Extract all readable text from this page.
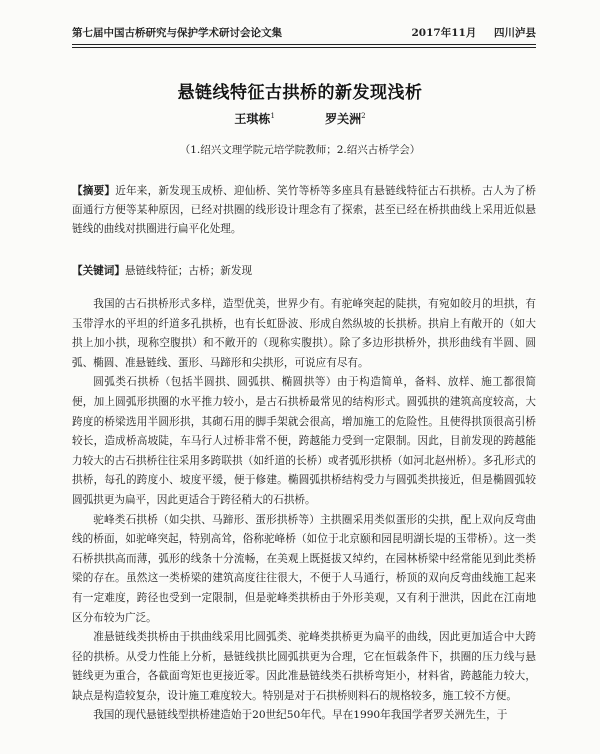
第七届中国古桥研究与保护学术研讨会论文集	2017年11月 四川泸县
悬链线特征古拱桥的新发现浅析
王琪栋$^1$	罗关洲$^2$
（1.绍兴文理学院元培学院教师；2.绍兴古桥学会）
【摘要】近年来，新发现玉成桥、迎仙桥、笑竹等桥等多座具有悬链线特征古石拱桥。古人为了桥面通行方便等某种原因，已经对拱圈的线形设计理念有了探索，甚至已经在桥拱曲线上采用近似悬链线的曲线对拱圈进行扁平化处理。
【关键词】悬链线特征；古桥；新发现

我国的古石拱桥形式多样，造型优美，世界少有。有驼峰突起的陡拱，有宛如皎月的坦拱，有玉带浮水的平坦的纤道多孔拱桥，也有长虹卧波、形成自然纵坡的长拱桥。拱肩上有敞开的（如大拱上加小拱，现称空腹拱）和不敞开的（现称实腹拱）。除了多边形拱桥外，拱形曲线有半圆、圆弧、椭圆、准悬链线、蛋形、马蹄形和尖拱形，可说应有尽有。

圆弧类石拱桥（包括半圆拱、圆弧拱、椭圆拱等）由于构造简单，备料、放样、施工都很简便，加上圆弧形拱圈的水平推力较小，是古石拱桥最常见的结构形式。圆弧拱的建筑高度较高，大跨度的桥梁选用半圆形拱，其砌石用的脚手架就会很高，增加施工的危险性。且使得拱顶很高引桥较长，造成桥高坡陡，车马行人过桥非常不便，跨越能力受到一定限制。因此，目前发现的跨越能力较大的古石拱桥往往采用多跨联拱（如纤道的长桥）或者弧形拱桥（如河北赵州桥）。多孔形式的拱桥，每孔的跨度小、坡度平缓，便于修建。椭圆弧拱桥结构受力与圆弧类拱接近，但是椭圆弧较圆弧拱更为扁平，因此更适合于跨径稍大的石拱桥。

驼峰类石拱桥（如尖拱、马蹄形、蛋形拱桥等）主拱圈采用类似蛋形的尖拱，配上双向反弯曲线的桥面，如驼峰突起，特别高耸，俗称驼峰桥（如位于北京颐和园昆明湖长堤的玉带桥）。这一类石桥拱拱高而薄，弧形的线条十分流畅，在美观上既挺拔又绰约，在园林桥梁中经常能见到此类桥梁的存在。虽然这一类桥梁的建筑高度往往很大，不便于人马通行，桥顶的双向反弯曲线施工起来有一定难度，跨径也受到一定限制，但是驼峰类拱桥由于外形美观，又有利于泄洪，因此在江南地区分布较为广泛。

准悬链线类拱桥由于拱曲线采用比圆弧类、驼峰类拱桥更为扁平的曲线，因此更加适合中大跨径的拱桥。从受力性能上分析，悬链线拱比圆弧拱更为合理，它在恒载条件下，拱圈的压力线与悬链线更为重合，各截面弯矩也更接近零。因此准悬链线类石拱桥弯矩小，材料省，跨越能力较大，缺点是构造较复杂，设计施工难度较大。特别是对于石拱桥则料石的规格较多，施工较不方便。

我国的现代悬链线型拱桥建造始于20世纪50年代。早在1990年我国学者罗关洲先生，于
